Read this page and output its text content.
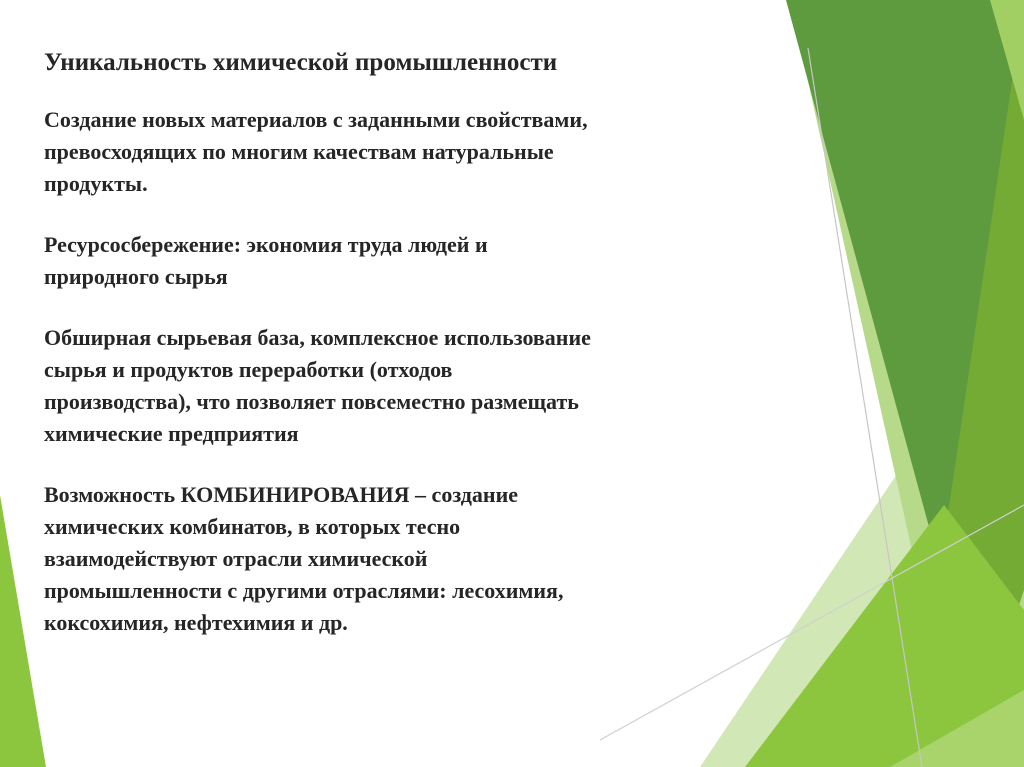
Уникальность химической промышленности

Создание новых материалов с заданными свойствами,
превосходящих по многим качествам натуральные
продукты.

Ресурсосбережение: экономия труда людей и
природного сырья

Обширная сырьевая база, комплексное использование
сырья и продуктов переработки (отходов
производства), что позволяет повсеместно размещать
химические предприятия

Возможность КОМБИНИРОВАНИЯ – создание
химических комбинатов, в которых тесно
взаимодействуют отрасли химической
промышленности с другими отраслями: лесохимия,
коксохимия, нефтехимия и др.
